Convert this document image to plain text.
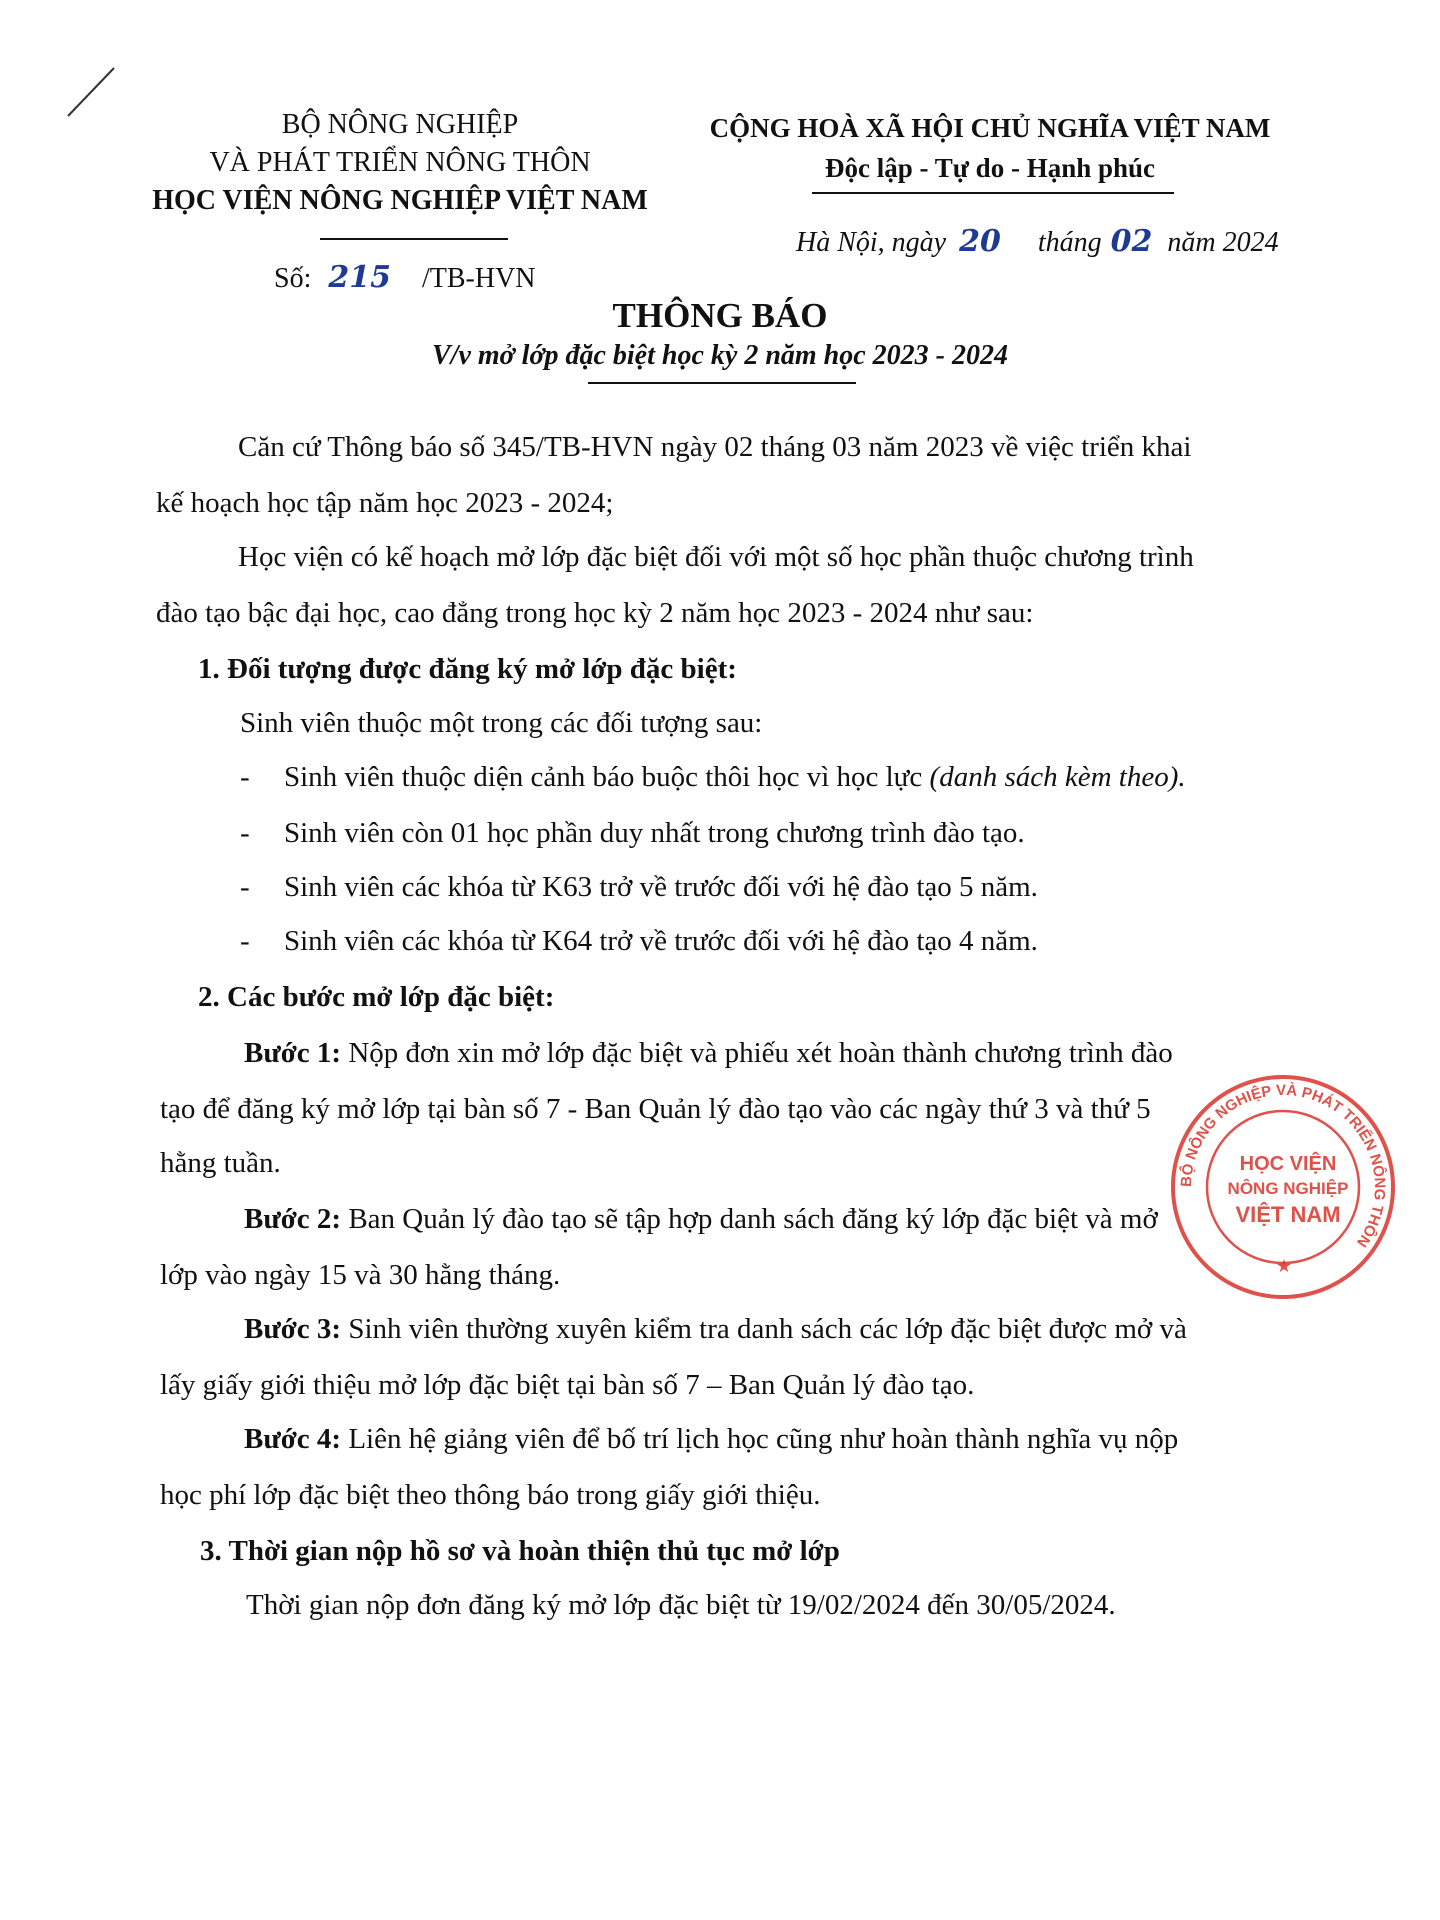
BỘ NÔNG NGHIỆP
VÀ PHÁT TRIỂN NÔNG THÔN
HỌC VIỆN NÔNG NGHIỆP VIỆT NAM
CỘNG HOÀ XÃ HỘI CHỦ NGHĨA VIỆT NAM
Độc lập - Tự do - Hạnh phúc
Số: 215 /TB-HVN
Hà Nội, ngày 20 tháng 02 năm 2024
THÔNG BÁO
V/v mở lớp đặc biệt học kỳ 2 năm học 2023 - 2024
Căn cứ Thông báo số 345/TB-HVN ngày 02 tháng 03 năm 2023 về việc triển khai
kế hoạch học tập năm học 2023 - 2024;
Học viện có kế hoạch mở lớp đặc biệt đối với một số học phần thuộc chương trình
đào tạo bậc đại học, cao đẳng trong học kỳ 2 năm học 2023 - 2024 như sau:
1. Đối tượng được đăng ký mở lớp đặc biệt:
Sinh viên thuộc một trong các đối tượng sau:
- Sinh viên thuộc diện cảnh báo buộc thôi học vì học lực (danh sách kèm theo).
- Sinh viên còn 01 học phần duy nhất trong chương trình đào tạo.
- Sinh viên các khóa từ K63 trở về trước đối với hệ đào tạo 5 năm.
- Sinh viên các khóa từ K64 trở về trước đối với hệ đào tạo 4 năm.
2. Các bước mở lớp đặc biệt:
Bước 1: Nộp đơn xin mở lớp đặc biệt và phiếu xét hoàn thành chương trình đào
tạo để đăng ký mở lớp tại bàn số 7 - Ban Quản lý đào tạo vào các ngày thứ 3 và thứ 5
hằng tuần.
Bước 2: Ban Quản lý đào tạo sẽ tập hợp danh sách đăng ký lớp đặc biệt và mở
lớp vào ngày 15 và 30 hằng tháng.
Bước 3: Sinh viên thường xuyên kiểm tra danh sách các lớp đặc biệt được mở và
lấy giấy giới thiệu mở lớp đặc biệt tại bàn số 7 – Ban Quản lý đào tạo.
Bước 4: Liên hệ giảng viên để bố trí lịch học cũng như hoàn thành nghĩa vụ nộp
học phí lớp đặc biệt theo thông báo trong giấy giới thiệu.
3. Thời gian nộp hồ sơ và hoàn thiện thủ tục mở lớp
Thời gian nộp đơn đăng ký mở lớp đặc biệt từ 19/02/2024 đến 30/05/2024.
BỘ NÔNG NGHIỆP VÀ PHÁT TRIỂN NÔNG THÔN
HỌC VIỆN
NÔNG NGHIỆP
VIỆT NAM
★
